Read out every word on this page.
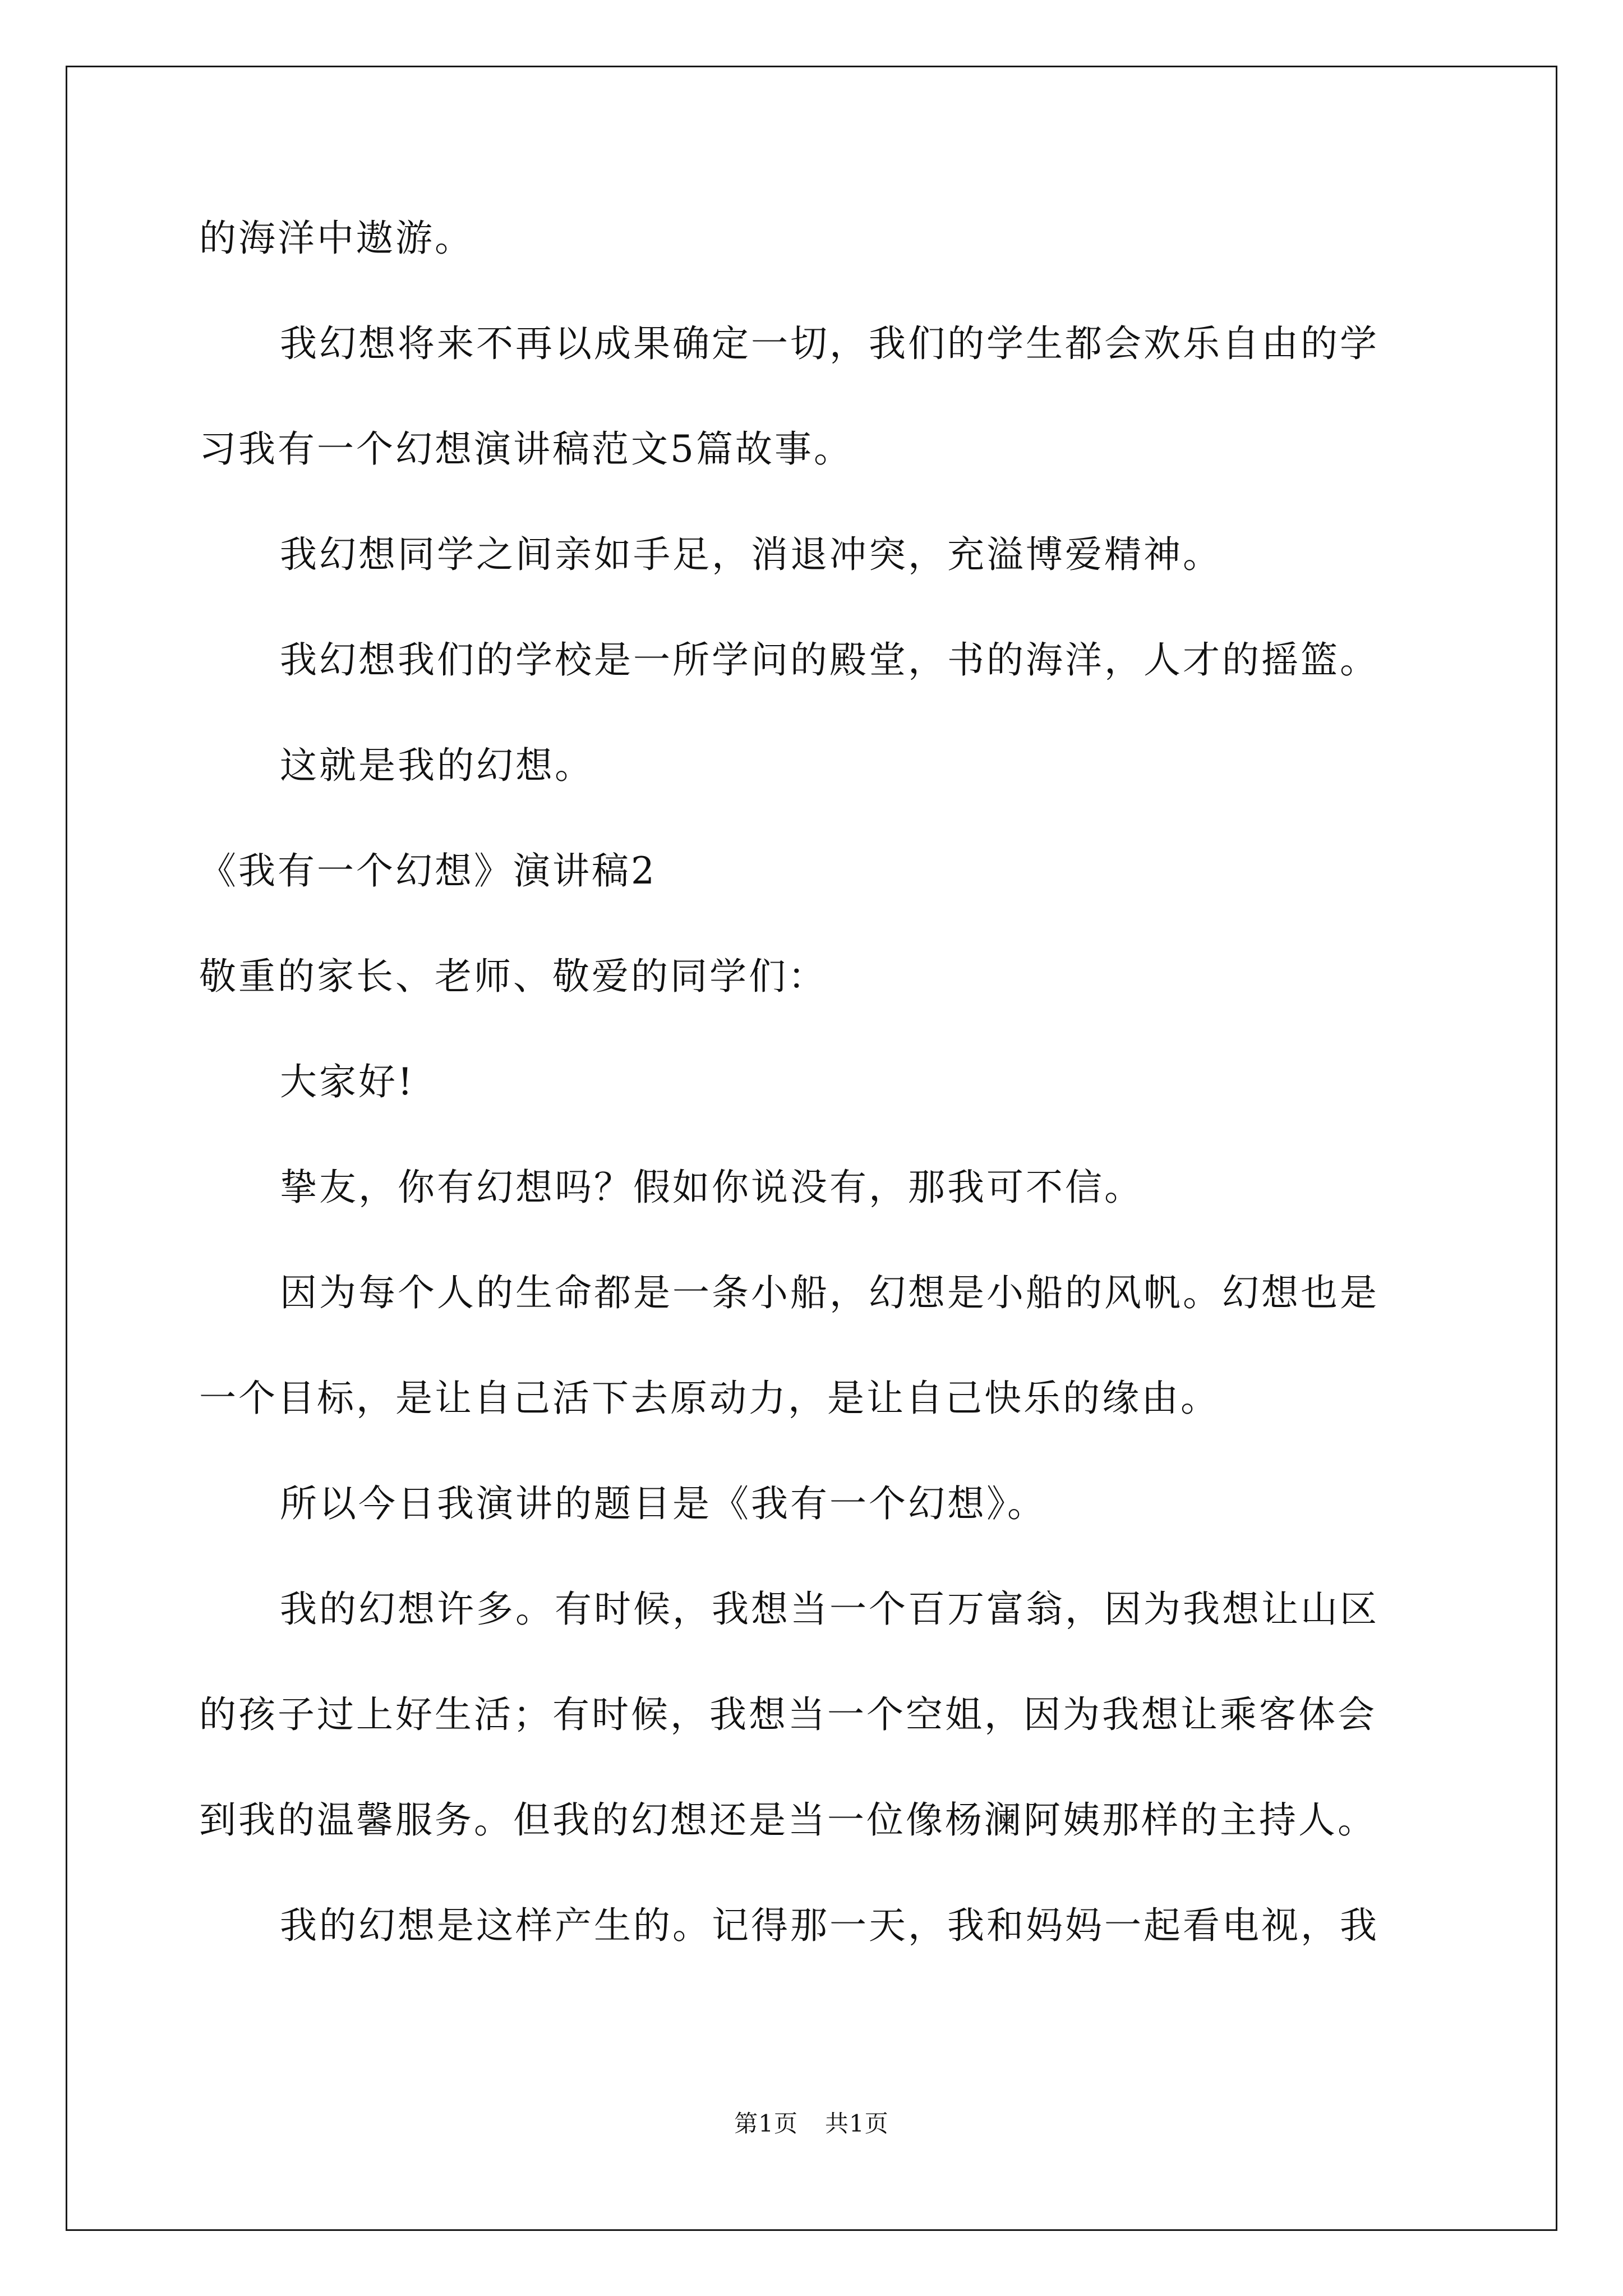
的海洋中遨游。
我幻想将来不再以成果确定一切，我们的学生都会欢乐自由的学
习我有一个幻想演讲稿范文5篇故事。
我幻想同学之间亲如手足，消退冲突，充溢博爱精神。
我幻想我们的学校是一所学问的殿堂，书的海洋，人才的摇篮。
这就是我的幻想。
《我有一个幻想》演讲稿2
敬重的家长、老师、敬爱的同学们：
大家好!
挚友，你有幻想吗？假如你说没有，那我可不信。
因为每个人的生命都是一条小船，幻想是小船的风帆。幻想也是
一个目标，是让自己活下去原动力，是让自己快乐的缘由。
所以今日我演讲的题目是《我有一个幻想》。
我的幻想许多。有时候，我想当一个百万富翁，因为我想让山区
的孩子过上好生活；有时候，我想当一个空姐，因为我想让乘客体会
到我的温馨服务。但我的幻想还是当一位像杨澜阿姨那样的主持人。
我的幻想是这样产生的。记得那一天，我和妈妈一起看电视，我
第1页 共1页
